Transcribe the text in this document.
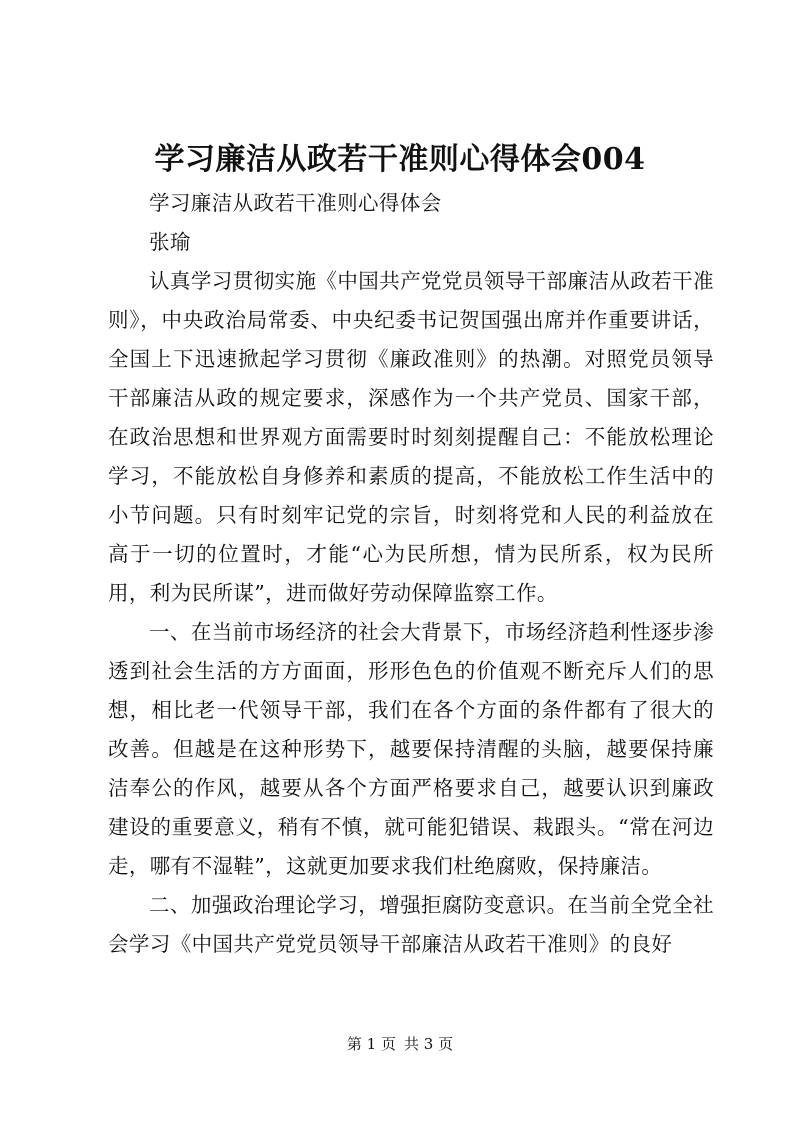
学习廉洁从政若干准则心得体会004

学习廉洁从政若干准则心得体会

张瑜

认真学习贯彻实施《中国共产党党员领导干部廉洁从政若干准则》，中央政治局常委、中央纪委书记贺国强出席并作重要讲话，全国上下迅速掀起学习贯彻《廉政准则》的热潮。对照党员领导干部廉洁从政的规定要求，深感作为一个共产党员、国家干部，在政治思想和世界观方面需要时时刻刻提醒自己：不能放松理论学习，不能放松自身修养和素质的提高，不能放松工作生活中的小节问题。只有时刻牢记党的宗旨，时刻将党和人民的利益放在高于一切的位置时，才能“心为民所想，情为民所系，权为民所用，利为民所谋”，进而做好劳动保障监察工作。

一、在当前市场经济的社会大背景下，市场经济趋利性逐步渗透到社会生活的方方面面，形形色色的价值观不断充斥人们的思想，相比老一代领导干部，我们在各个方面的条件都有了很大的改善。但越是在这种形势下，越要保持清醒的头脑，越要保持廉洁奉公的作风，越要从各个方面严格要求自己，越要认识到廉政建设的重要意义，稍有不慎，就可能犯错误、栽跟头。“常在河边走，哪有不湿鞋”，这就更加要求我们杜绝腐败，保持廉洁。

二、加强政治理论学习，增强拒腐防变意识。在当前全党全社会学习《中国共产党党员领导干部廉洁从政若干准则》的良好

第 1 页 共 3 页
